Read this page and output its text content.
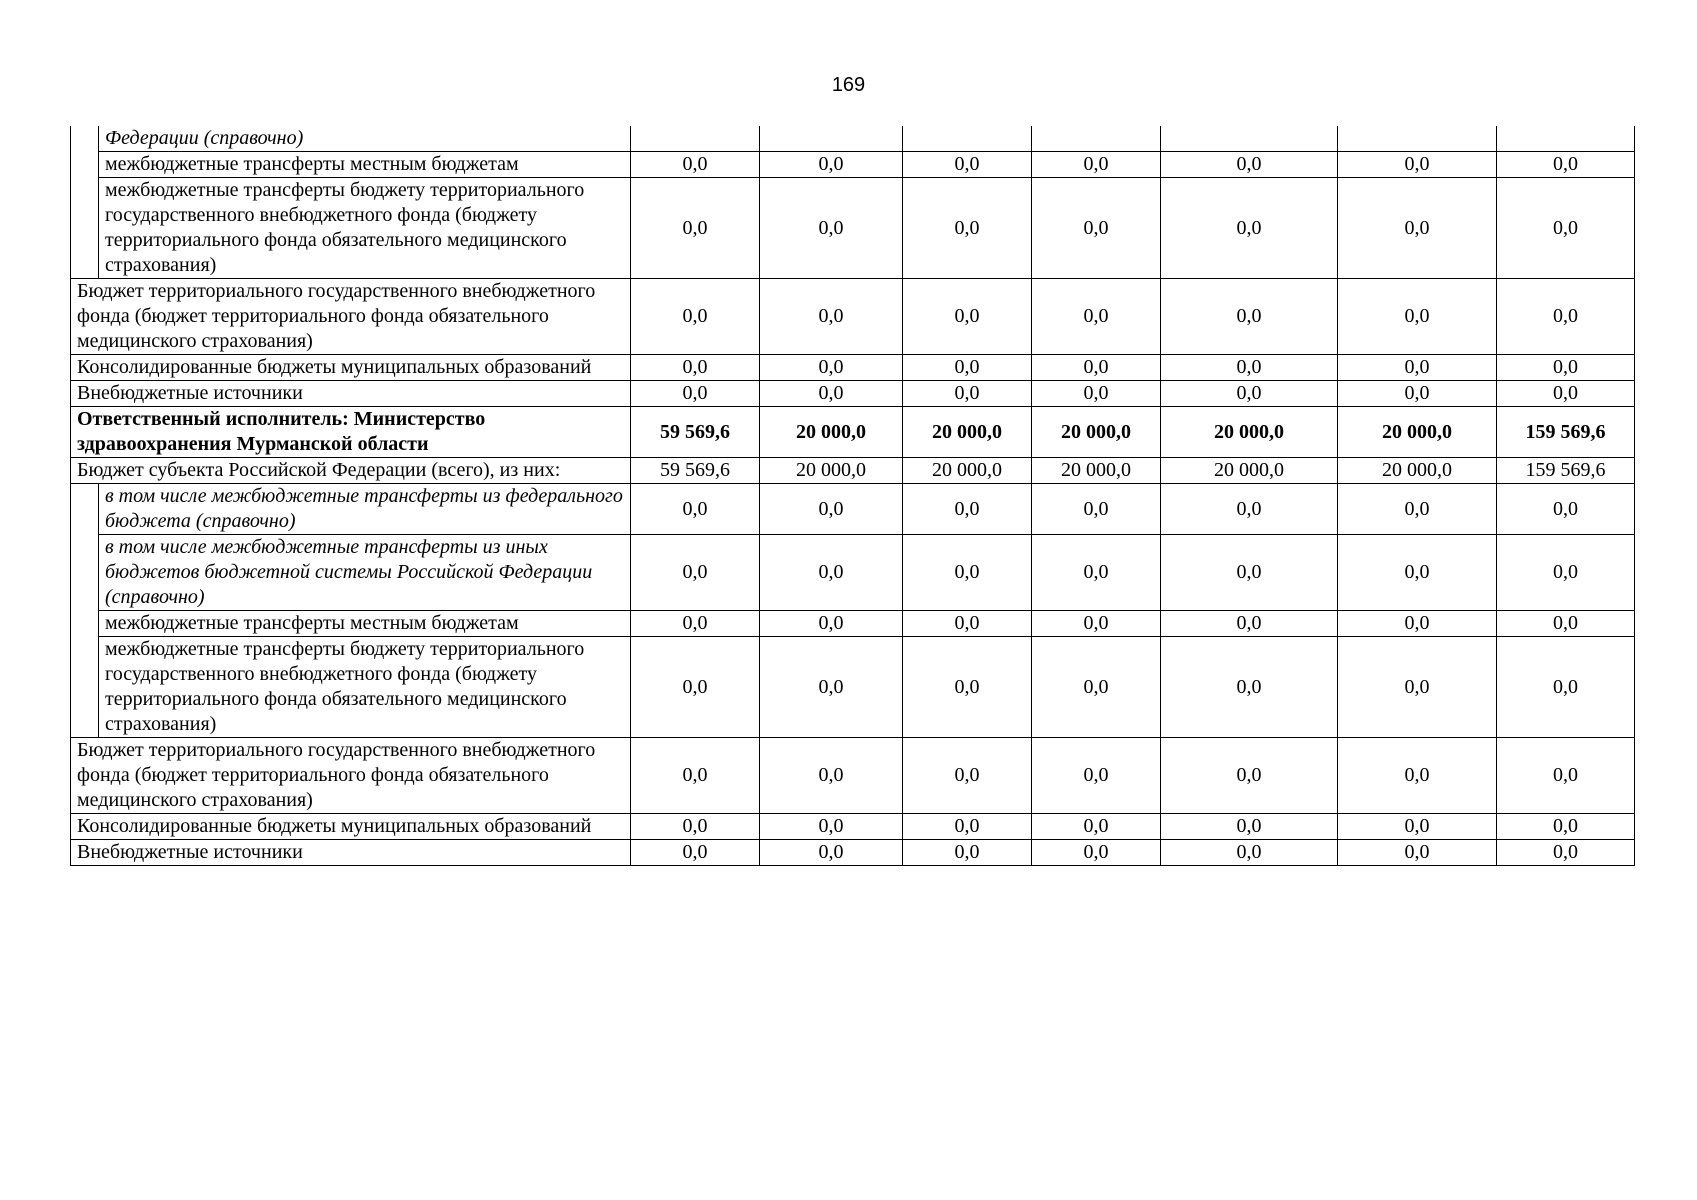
169
	Федерации (справочно)							
	межбюджетные трансферты местным бюджетам	0,0	0,0	0,0	0,0	0,0	0,0	0,0
	межбюджетные трансферты бюджету территориального государственного внебюджетного фонда (бюджету территориального фонда обязательного медицинского страхования)	0,0	0,0	0,0	0,0	0,0	0,0	0,0
Бюджет территориального государственного внебюджетного фонда (бюджет территориального фонда обязательного медицинского страхования)		0,0	0,0	0,0	0,0	0,0	0,0	0,0
Консолидированные бюджеты муниципальных образований		0,0	0,0	0,0	0,0	0,0	0,0	0,0
Внебюджетные источники		0,0	0,0	0,0	0,0	0,0	0,0	0,0
Ответственный исполнитель: Министерство здравоохранения Мурманской области		59 569,6	20 000,0	20 000,0	20 000,0	20 000,0	20 000,0	159 569,6
Бюджет субъекта Российской Федерации (всего), из них:		59 569,6	20 000,0	20 000,0	20 000,0	20 000,0	20 000,0	159 569,6
	в том числе межбюджетные трансферты из федерального бюджета (справочно)	0,0	0,0	0,0	0,0	0,0	0,0	0,0
	в том числе межбюджетные трансферты из иных бюджетов бюджетной системы Российской Федерации (справочно)	0,0	0,0	0,0	0,0	0,0	0,0	0,0
	межбюджетные трансферты местным бюджетам	0,0	0,0	0,0	0,0	0,0	0,0	0,0
	межбюджетные трансферты бюджету территориального государственного внебюджетного фонда (бюджету территориального фонда обязательного медицинского страхования)	0,0	0,0	0,0	0,0	0,0	0,0	0,0
Бюджет территориального государственного внебюджетного фонда (бюджет территориального фонда обязательного медицинского страхования)		0,0	0,0	0,0	0,0	0,0	0,0	0,0
Консолидированные бюджеты муниципальных образований		0,0	0,0	0,0	0,0	0,0	0,0	0,0
Внебюджетные источники		0,0	0,0	0,0	0,0	0,0	0,0	0,0
